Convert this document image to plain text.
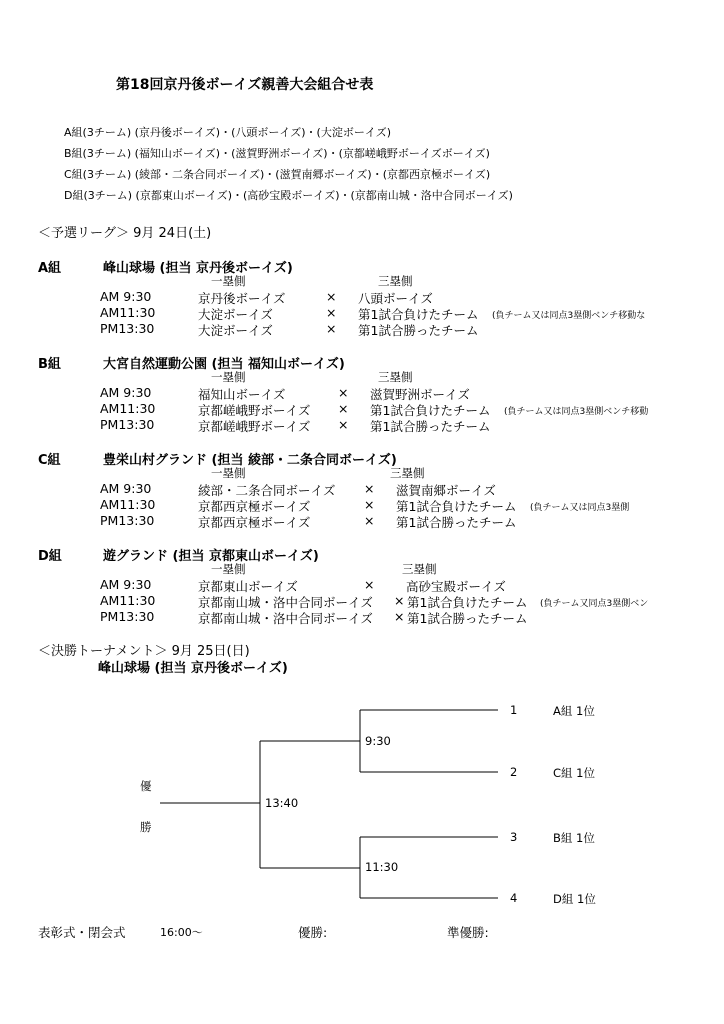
第18回京丹後ボーイズ親善大会組合せ表
A組(3チーム) (京丹後ボーイズ)・(八頭ボーイズ)・(大淀ボーイズ)
B組(3チーム) (福知山ボーイズ)・(滋賀野洲ボーイズ)・(京都嵯峨野ボーイズボーイズ)
C組(3チーム) (綾部・二条合同ボーイズ)・(滋賀南郷ボーイズ)・(京都西京極ボーイズ)
D組(3チーム) (京都東山ボーイズ)・(高砂宝殿ボーイズ)・(京都南山城・洛中合同ボーイズ)
＜予選リーグ＞ 9月 24日(土)
A組	峰山球場 (担当 京丹後ボーイズ)
一塁側	三塁側
AM 9:30	京丹後ボーイズ	× 八頭ボーイズ
AM11:30	大淀ボーイズ	× 第1試合負けたチーム (負チーム又は同点3塁側ベンチ移動な
PM13:30	大淀ボーイズ	× 第1試合勝ったチーム
B組	大宮自然運動公園 (担当 福知山ボーイズ)
一塁側	三塁側
AM 9:30	福知山ボーイズ	× 滋賀野洲ボーイズ
AM11:30	京都嵯峨野ボーイズ × 第1試合負けたチーム (負チーム又は同点3塁側ベンチ移動
PM13:30	京都嵯峨野ボーイズ × 第1試合勝ったチーム
C組	豊栄山村グランド (担当 綾部・二条合同ボーイズ)
一塁側	三塁側
AM 9:30	綾部・二条合同ボーイズ × 滋賀南郷ボーイズ
AM11:30	京都西京極ボーイズ	× 第1試合負けたチーム (負チーム又は同点3塁側
PM13:30	京都西京極ボーイズ	× 第1試合勝ったチーム
D組	遊グランド (担当 京都東山ボーイズ)
一塁側	三塁側
AM 9:30	京都東山ボーイズ	×	高砂宝殿ボーイズ
AM11:30	京都南山城・洛中合同ボーイズ × 第1試合負けたチーム (負チーム又同点3塁側ベン
PM13:30	京都南山城・洛中合同ボーイズ × 第1試合勝ったチーム
＜決勝トーナメント＞ 9月 25日(日)
峰山球場 (担当 京丹後ボーイズ)
優
勝
13:40
9:30
11:30
1	A組 1位
2	C組 1位
3	B組 1位
4	D組 1位
表彰式・閉会式	16:00〜	優勝:	準優勝:
